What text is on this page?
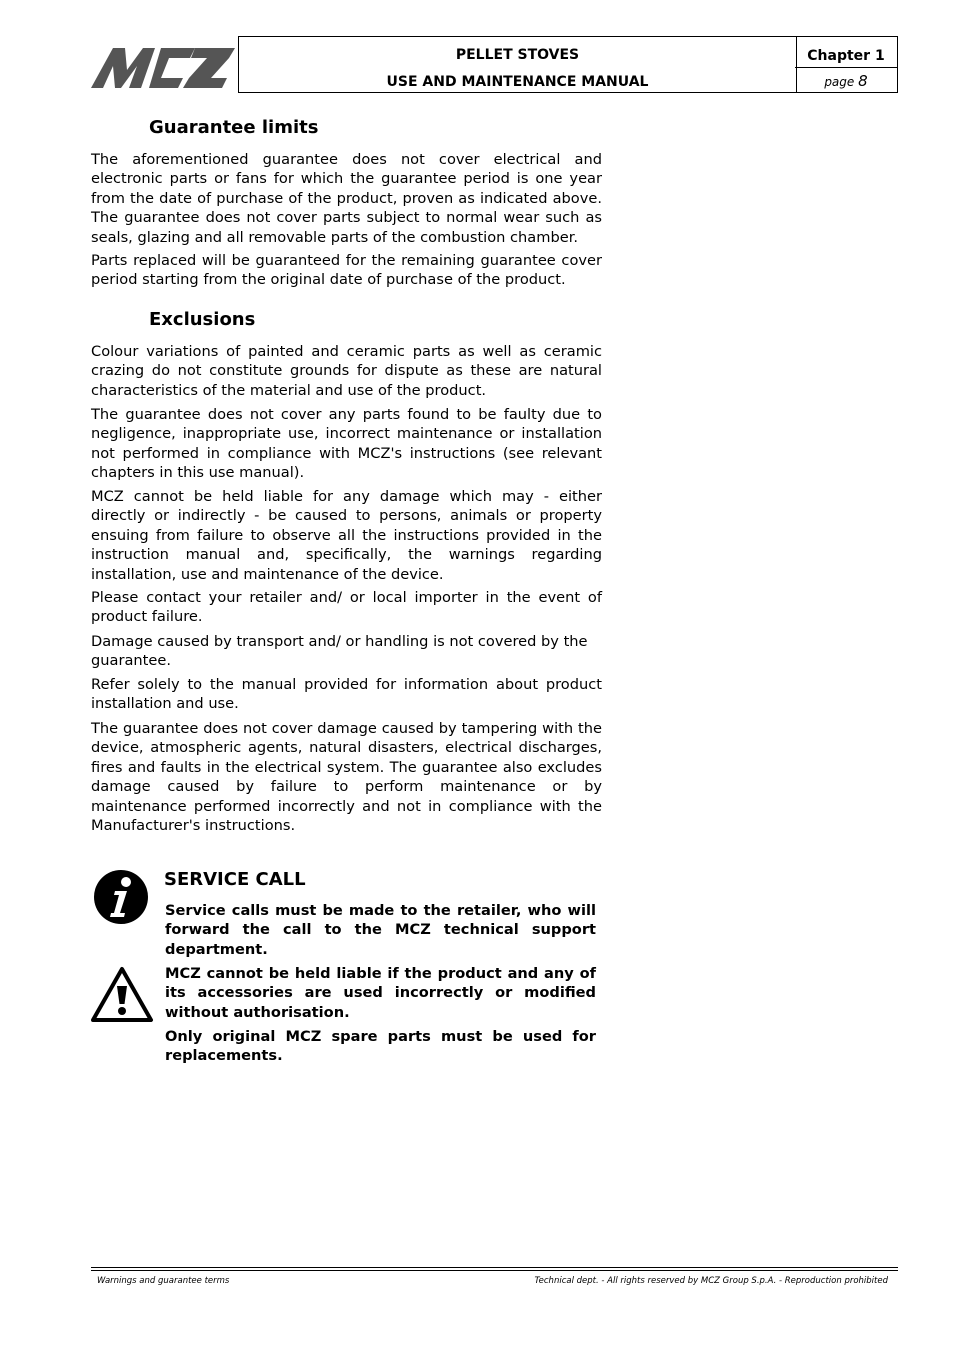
PELLET STOVES
USE AND MAINTENANCE MANUAL
Chapter 1
page 8
Guarantee limits

The aforementioned guarantee does not cover electrical and electronic parts or fans for which the guarantee period is one year from the date of purchase of the product, proven as indicated above. The guarantee does not cover parts subject to normal wear such as seals, glazing and all removable parts of the combustion chamber.

Parts replaced will be guaranteed for the remaining guarantee cover period starting from the original date of purchase of the product.

Exclusions

Colour variations of painted and ceramic parts as well as ceramic crazing do not constitute grounds for dispute as these are natural characteristics of the material and use of the product.

The guarantee does not cover any parts found to be faulty due to negligence, inappropriate use, incorrect maintenance or installation not performed in compliance with MCZ's instructions (see relevant chapters in this use manual).

MCZ cannot be held liable for any damage which may - either directly or indirectly - be caused to persons, animals or property ensuing from failure to observe all the instructions provided in the instruction manual and, specifically, the warnings regarding installation, use and maintenance of the device.

Please contact your retailer and/ or local importer in the event of product failure.

Damage caused by transport and/ or handling is not covered by the guarantee.

Refer solely to the manual provided for information about product installation and use.

The guarantee does not cover damage caused by tampering with the device, atmospheric agents, natural disasters, electrical discharges, fires and faults in the electrical system. The guarantee also excludes damage caused by failure to perform maintenance or by maintenance performed incorrectly and not in compliance with the Manufacturer's instructions.

SERVICE CALL

Service calls must be made to the retailer, who will forward the call to the MCZ technical support department.

MCZ cannot be held liable if the product and any of its accessories are used incorrectly or modified without authorisation.

Only original MCZ spare parts must be used for replacements.

Warnings and guarantee terms	Technical dept. - All rights reserved by MCZ Group S.p.A. - Reproduction prohibited
